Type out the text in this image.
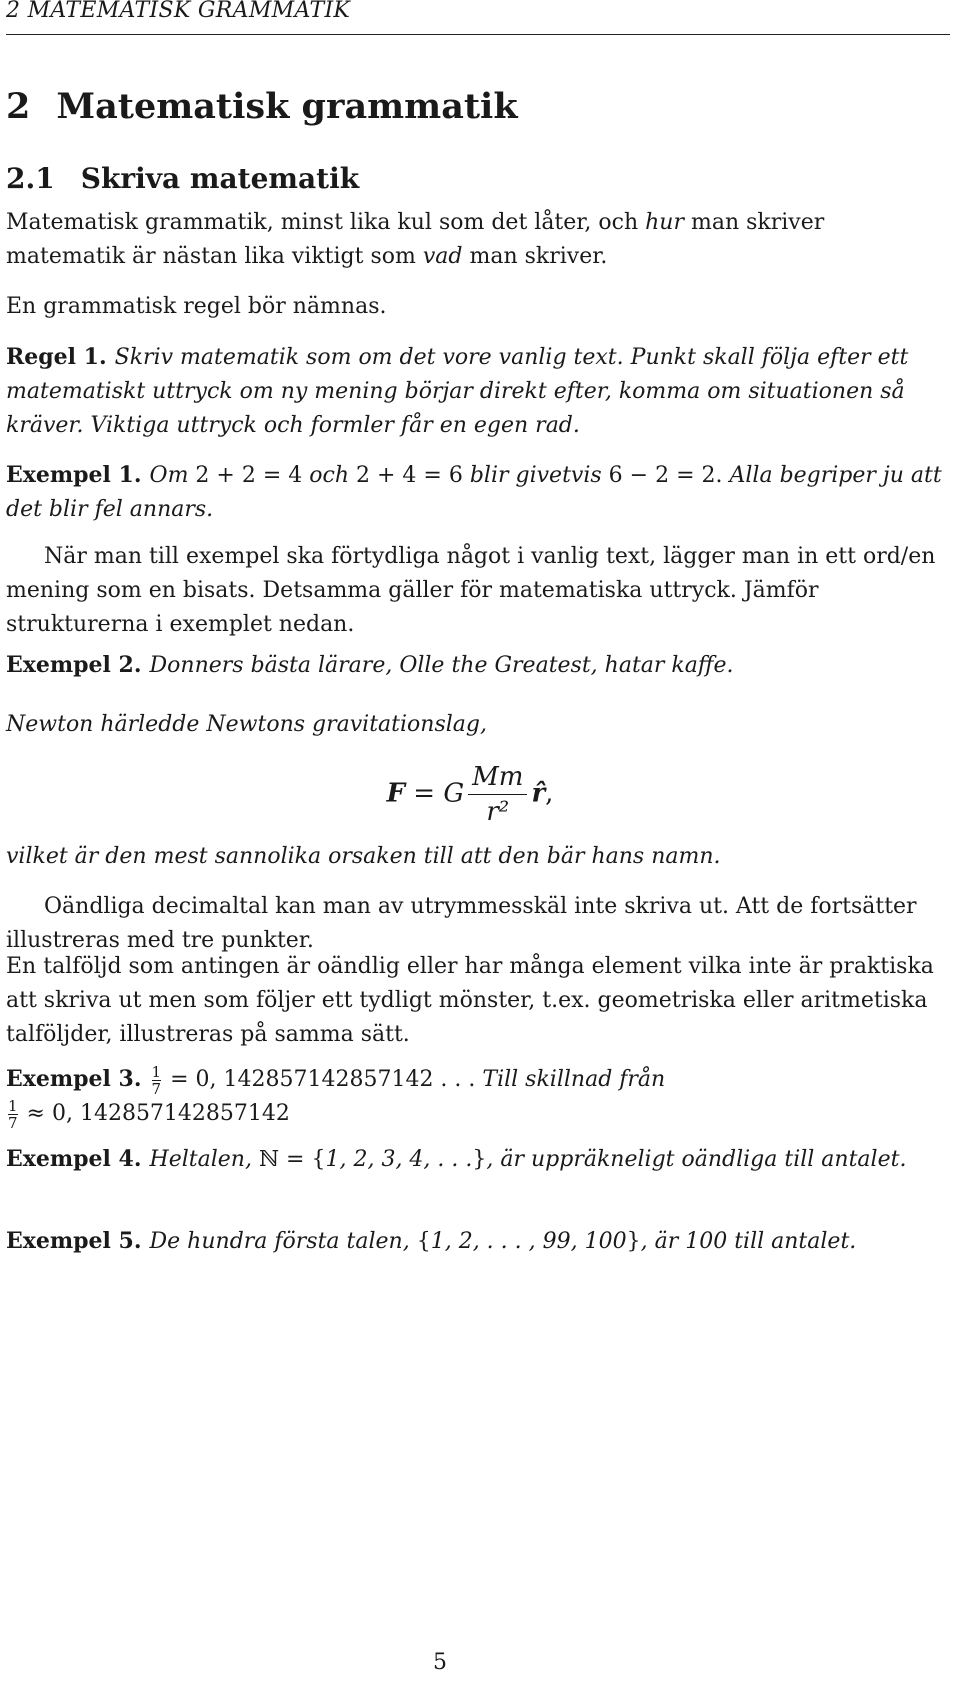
2 MATEMATISK GRAMMATIK
2 Matematisk grammatik
2.1 Skriva matematik
Matematisk grammatik, minst lika kul som det låter, och hur man skriver matematik är nästan lika viktigt som vad man skriver.
En grammatisk regel bör nämnas.
Regel 1. Skriv matematik som om det vore vanlig text. Punkt skall följa efter ett matematiskt uttryck om ny mening börjar direkt efter, komma om situationen så kräver. Viktiga uttryck och formler får en egen rad.
Exempel 1. Om 2 + 2 = 4 och 2 + 4 = 6 blir givetvis 6 − 2 = 2. Alla begriper ju att det blir fel annars.
När man till exempel ska förtydliga något i vanlig text, lägger man in ett ord/en mening som en bisats. Detsamma gäller för matematiska uttryck. Jämför strukturerna i exemplet nedan.
Exempel 2. Donners bästa lärare, Olle the Greatest, hatar kaffe.
Newton härledde Newtons gravitationslag,
F = G $\frac{Mm}{\text{r²}}$ r̂,
vilket är den mest sannolika orsaken till att den bär hans namn.
Oändliga decimaltal kan man av utrymmesskäl inte skriva ut. Att de fortsätter illustreras med tre punkter.
En talföljd som antingen är oändlig eller har många element vilka inte är praktiska att skriva ut men som följer ett tydligt mönster, t.ex. geometriska eller aritmetiska talföljder, illustreras på samma sätt.
Exempel 3. $\frac{1}{7} = 0$, 142857142857142 . . . Till skillnad från
$\frac{1}{7} \approx 0$, 142857142857142
Exempel 4. Heltalen, ℕ = {1, 2, 3, 4, . . .}, är uppräkneligt oändliga till antalet.
Exempel 5. De hundra första talen, {1, 2, . . . , 99, 100}, är 100 till antalet.
5
